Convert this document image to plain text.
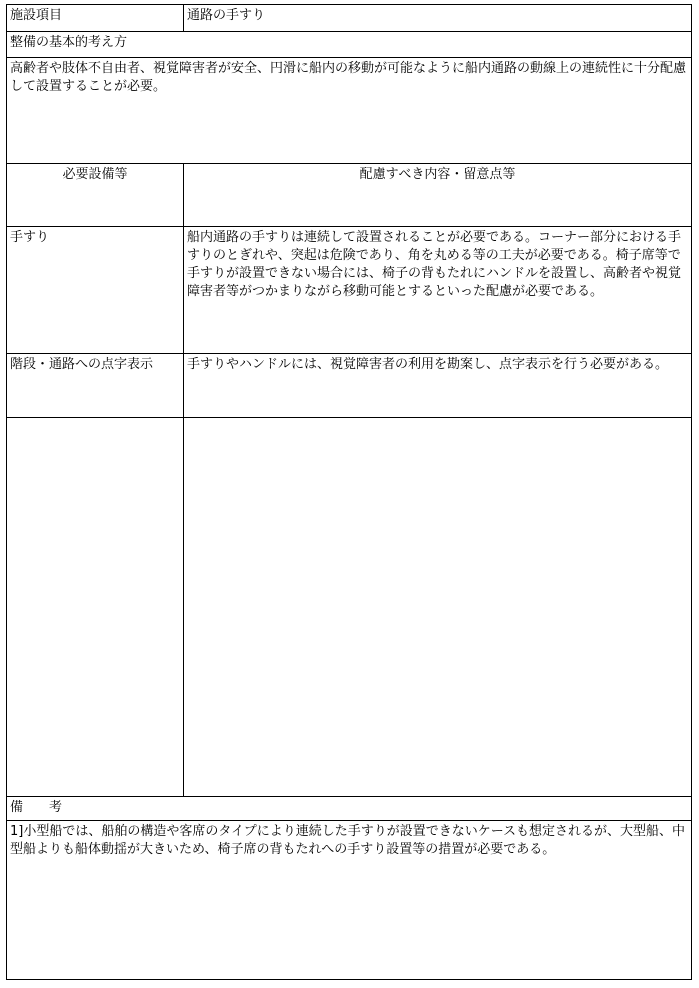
施設項目	通路の手すり
整備の基本的考え方
高齢者や肢体不自由者、視覚障害者が安全、円滑に船内の移動が可能なように船内通路の動線上の連続性に十分配慮して設置することが必要。
必要設備等	配慮すべき内容・留意点等
手すり	船内通路の手すりは連続して設置されることが必要である。コーナー部分における手すりのとぎれや、突起は危険であり、角を丸める等の工夫が必要である。椅子席等で手すりが設置できない場合には、椅子の背もたれにハンドルを設置し、高齢者や視覚障害者等がつかまりながら移動可能とするといった配慮が必要である。
階段・通路への点字表示	手すりやハンドルには、視覚障害者の利用を勘案し、点字表示を行う必要がある。
備　　考
1]小型船では、船舶の構造や客席のタイプにより連続した手すりが設置できないケースも想定されるが、大型船、中型船よりも船体動揺が大きいため、椅子席の背もたれへの手すり設置等の措置が必要である。
